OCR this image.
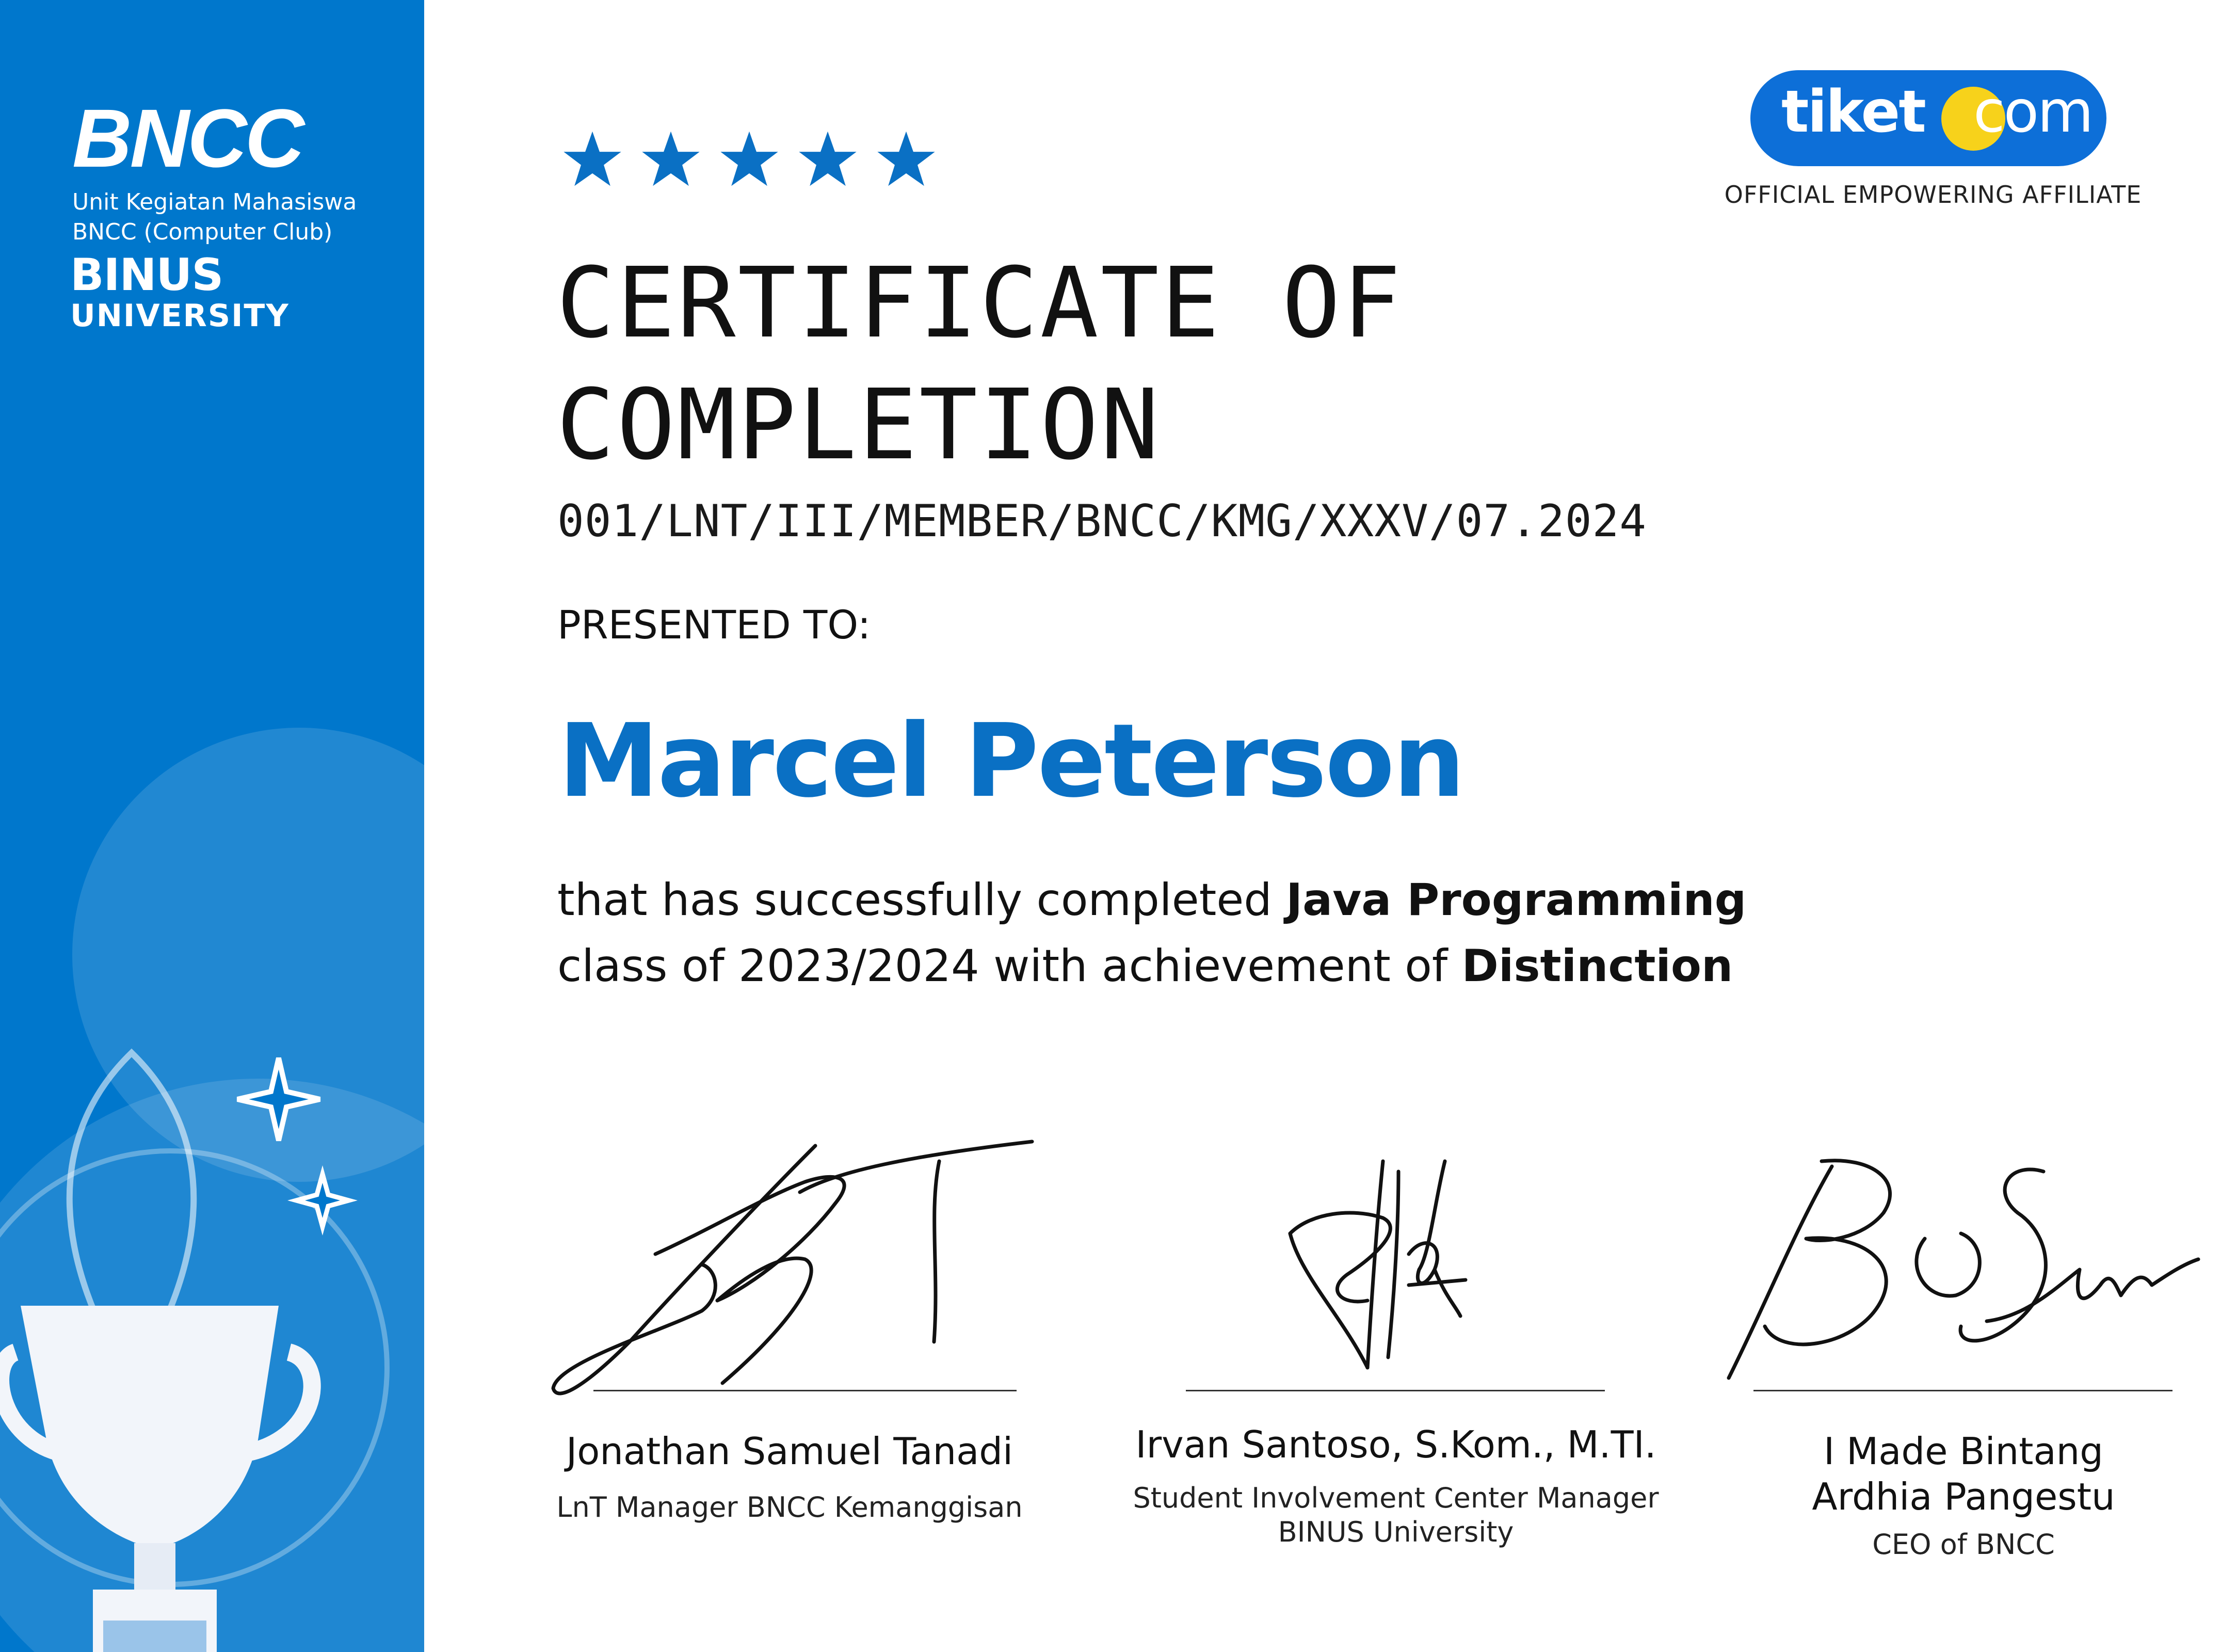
BNCC
Unit Kegiatan Mahasiswa
BNCC (Computer Club)
BINUS
UNIVERSITY	CERTIFICATE OF
COMPLETION
001/LNT/III/MEMBER/BNCC/KMG/XXXV/07.2024
PRESENTED TO:
Marcel Peterson
that has successfully completed Java Programming
class of 2023/2024 with achievement of Distinction
tiket com
OFFICIAL EMPOWERING AFFILIATE
Jonathan Samuel Tanadi
LnT Manager BNCC Kemanggisan
Irvan Santoso, S.Kom., M.TI.
Student Involvement Center Manager
BINUS University
I Made Bintang
Ardhia Pangestu
CEO of BNCC
